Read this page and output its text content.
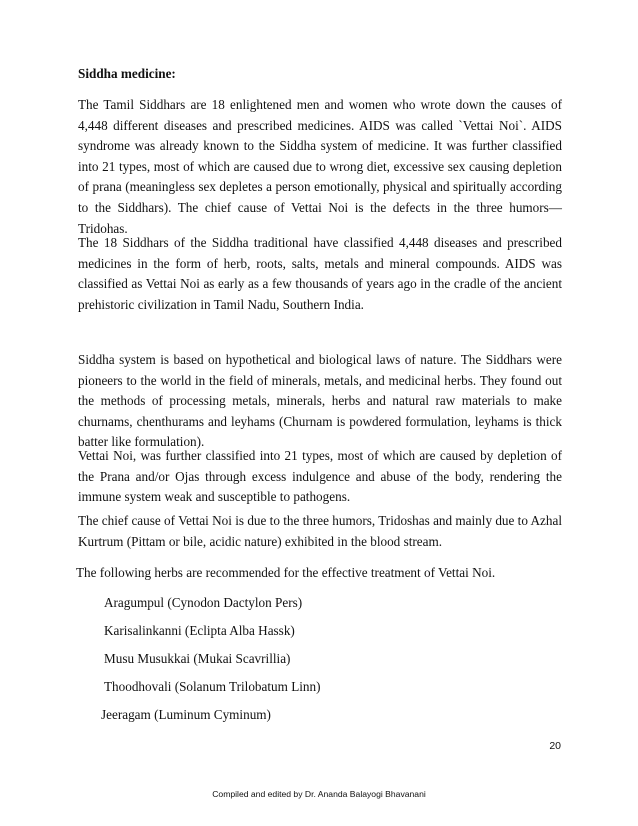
Siddha medicine:
The Tamil Siddhars are 18 enlightened men and women who wrote down the causes of 4,448 different diseases and prescribed medicines. AIDS was called `Vettai Noi`. AIDS syndrome was already known to the Siddha system of medicine. It was further classified into 21 types, most of which are caused due to wrong diet, excessive sex causing depletion of prana (meaningless sex depletes a person emotionally, physical and spiritually according to the Siddhars). The chief cause of Vettai Noi is the defects in the three humors—Tridohas.
The 18 Siddhars of the Siddha traditional have classified 4,448 diseases and prescribed medicines in the form of herb, roots, salts, metals and mineral compounds. AIDS was classified as Vettai Noi as early as a few thousands of years ago in the cradle of the ancient prehistoric civilization in Tamil Nadu, Southern India.
Siddha system is based on hypothetical and biological laws of nature. The Siddhars were pioneers to the world in the field of minerals, metals, and medicinal herbs. They found out the methods of processing metals, minerals, herbs and natural raw materials to make churnams, chenthurams and leyhams (Churnam is powdered formulation, leyhams is thick batter like formulation).
Vettai Noi, was further classified into 21 types, most of which are caused by depletion of the Prana and/or Ojas through excess indulgence and abuse of the body, rendering the immune system weak and susceptible to pathogens.
The chief cause of Vettai Noi is due to the three humors, Tridoshas and mainly due to Azhal Kurtrum (Pittam or bile, acidic nature) exhibited in the blood stream.
The following herbs are recommended for the effective treatment of Vettai Noi.
Aragumpul (Cynodon Dactylon Pers)
Karisalinkanni (Eclipta Alba Hassk)
Musu Musukkai (Mukai Scavrillia)
Thoodhovali (Solanum Trilobatum Linn)
Jeeragam (Luminum Cyminum)
20
Compiled and edited by Dr. Ananda Balayogi Bhavanani
